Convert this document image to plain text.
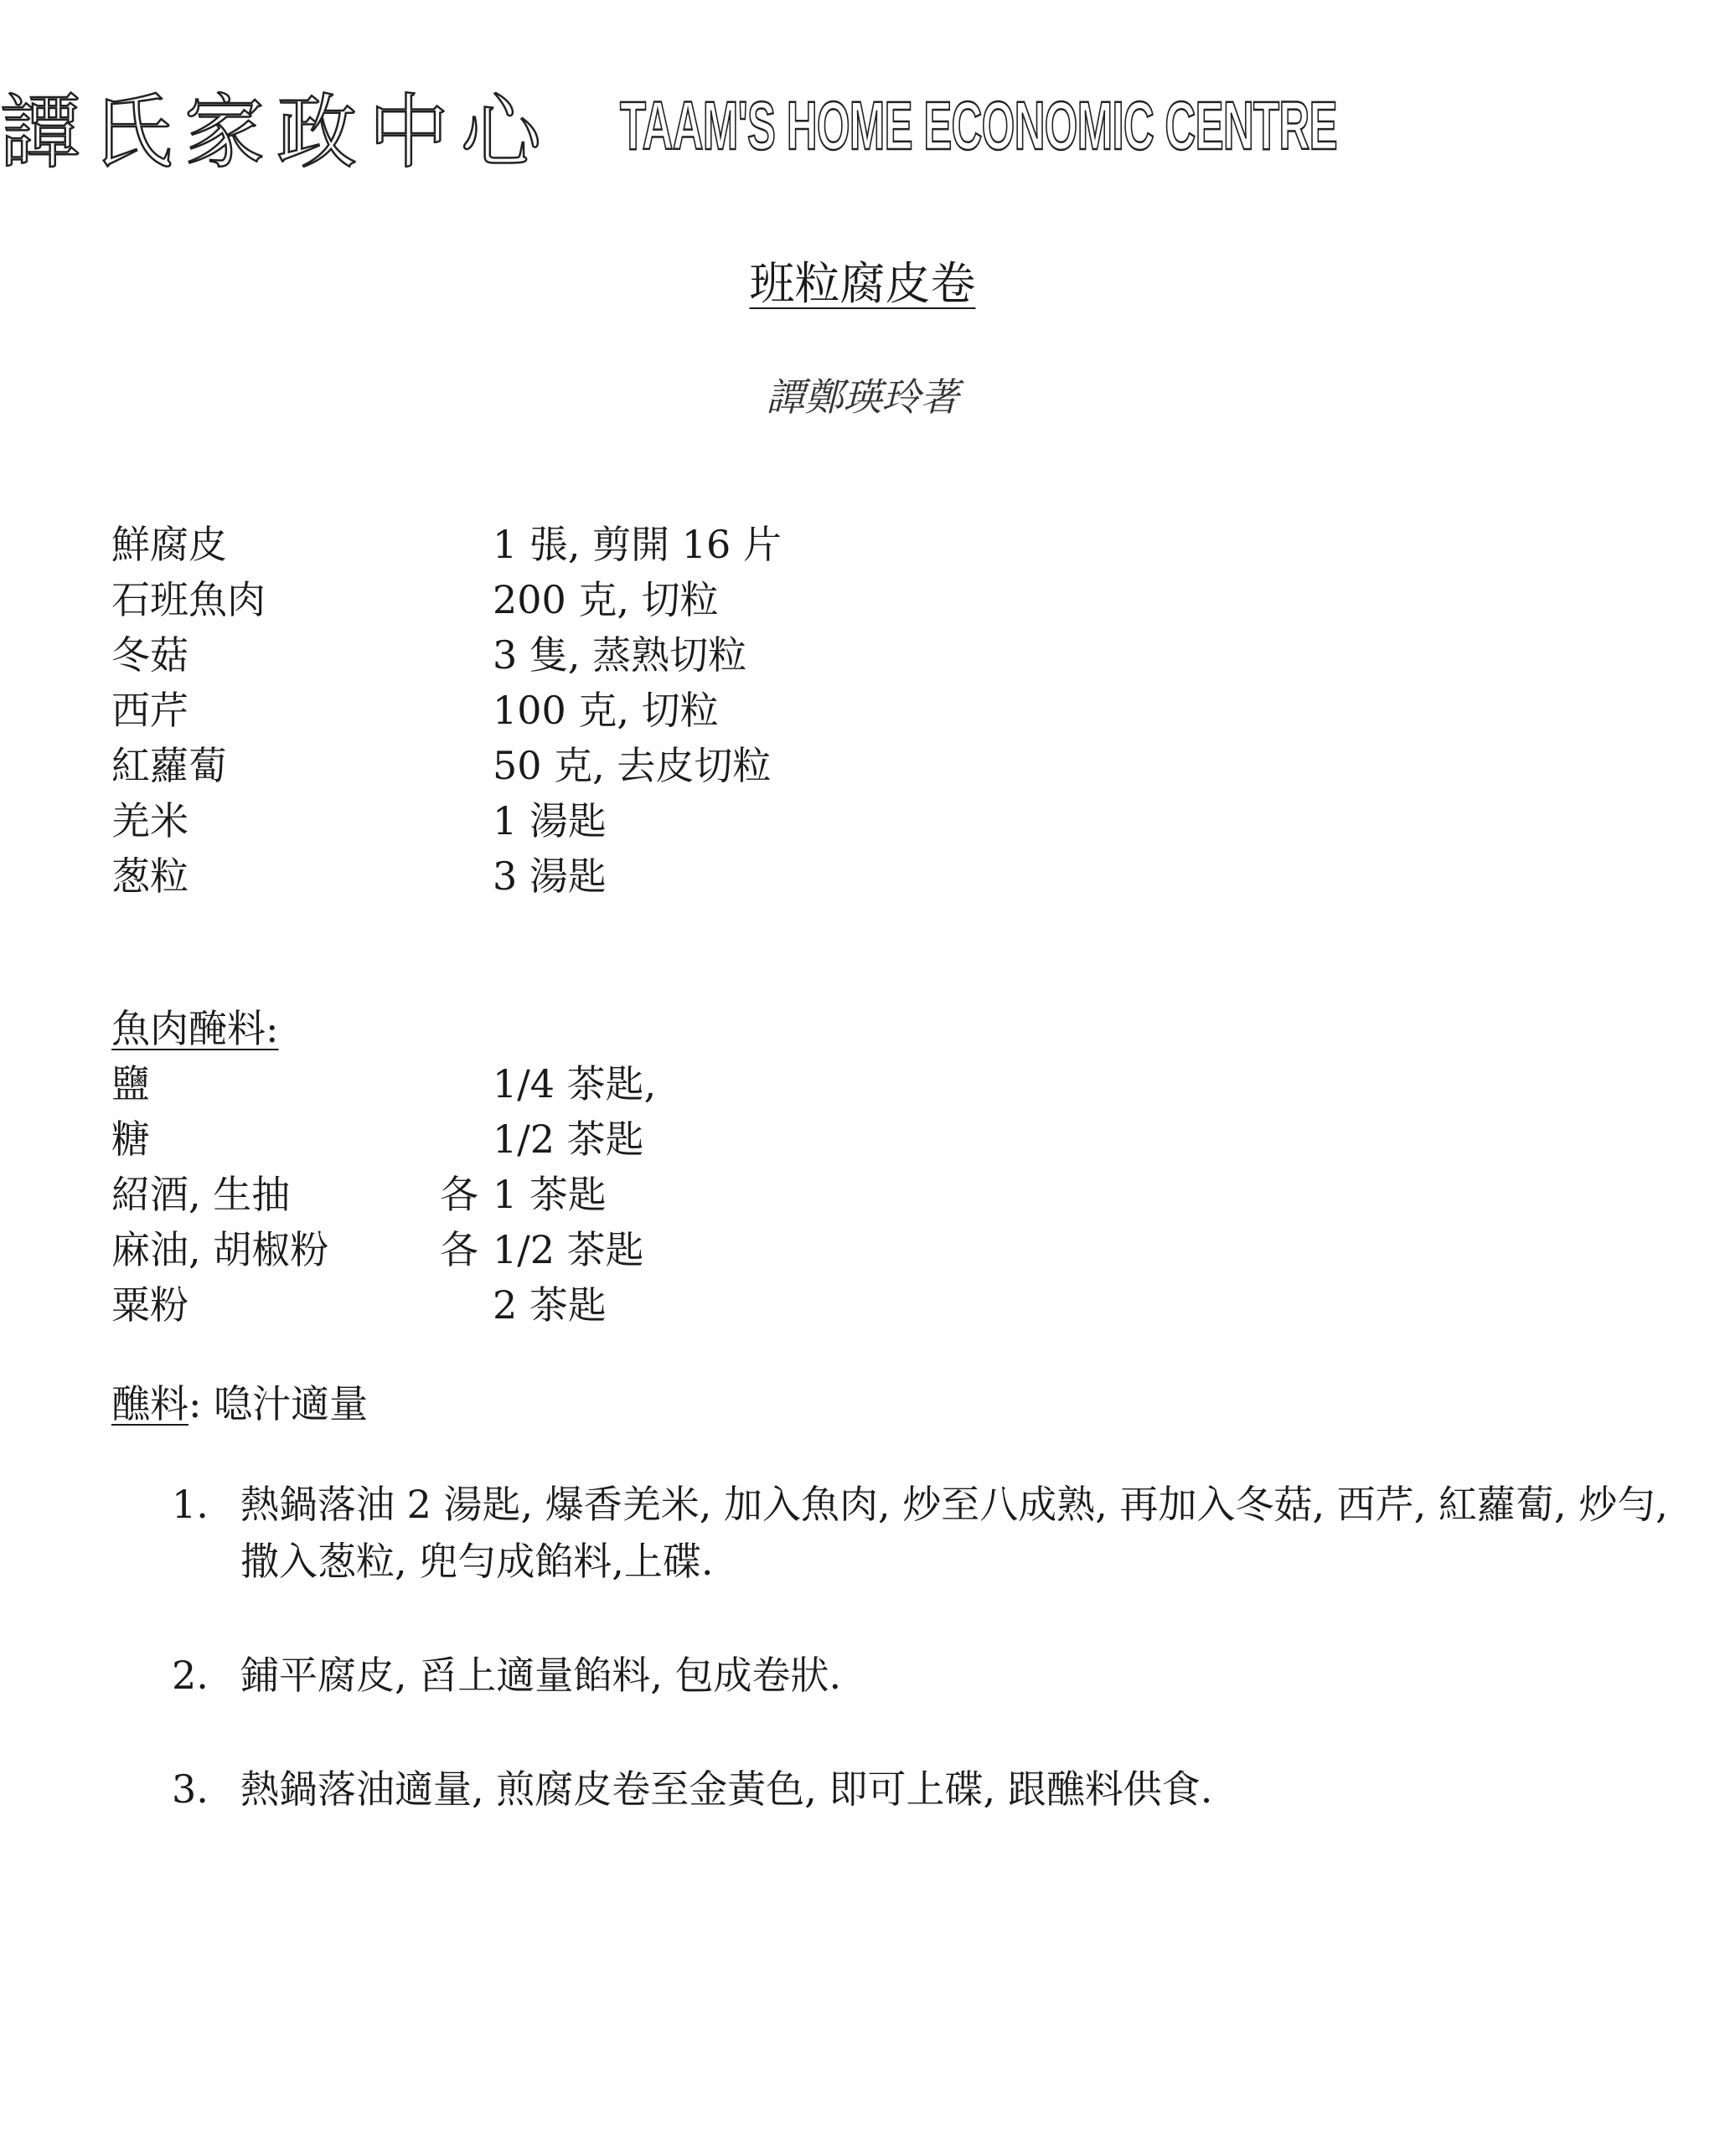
譚氏家政中心 TAAM'S HOME ECONOMIC CENTRE
班粒腐皮卷
譚鄭瑛玲著
鮮腐皮	1 張, 剪開 16 片
石班魚肉	200 克, 切粒
冬菇	3 隻, 蒸熟切粒
西芹	100 克, 切粒
紅蘿蔔	50 克, 去皮切粒
羌米	1 湯匙
葱粒	3 湯匙
魚肉醃料:
鹽	1/4 茶匙,
糖	1/2 茶匙
紹酒, 生抽	各 1 茶匙
麻油, 胡椒粉	各 1/2 茶匙
粟粉	2 茶匙
醮料: 喼汁適量
1. 熱鍋落油 2 湯匙, 爆香羌米, 加入魚肉, 炒至八成熟, 再加入冬菇, 西芹, 紅蘿蔔, 炒勻, 撒入葱粒, 兜勻成餡料,上碟.
2. 鋪平腐皮, 舀上適量餡料, 包成卷狀.
3. 熱鍋落油適量, 煎腐皮卷至金黃色, 即可上碟, 跟醮料供食.
